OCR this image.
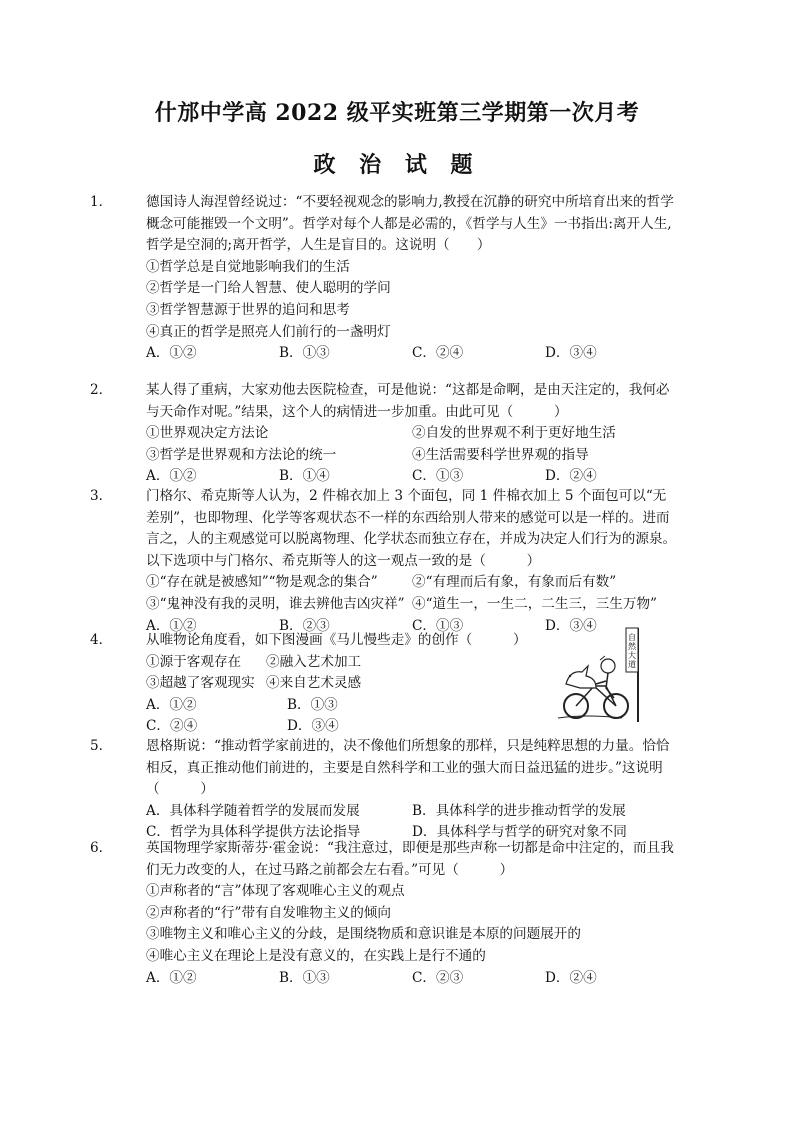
什邡中学高 2022 级平实班第三学期第一次月考
政 治 试 题

1． 德国诗人海涅曾经说过：“不要轻视观念的影响力,教授在沉静的研究中所培育出来的哲学概念可能摧毁一个文明”。哲学对每个人都是必需的，《哲学与人生》一书指出:离开人生,哲学是空洞的;离开哲学，人生是盲目的。这说明（　　）

①哲学总是自觉地影响我们的生活

②哲学是一门给人智慧、使人聪明的学问

③哲学智慧源于世界的追问和思考

④真正的哲学是照亮人们前行的一盏明灯

A．①②	B．①③	C．②④	D．③④

2． 某人得了重病，大家劝他去医院检查，可是他说：“这都是命啊，是由天注定的，我何必与天命作对呢。”结果，这个人的病情进一步加重。由此可见（　　　）

①世界观决定方法论	②自发的世界观不利于更好地生活
③哲学是世界观和方法论的统一	④生活需要科学世界观的指导
A．①②	B．①④	C．①③	D．②④

3． 门格尔、希克斯等人认为，2 件棉衣加上 3 个面包，同 1 件棉衣加上 5 个面包可以“无差别”，也即物理、化学等客观状态不一样的东西给别人带来的感觉可以是一样的。进而言之，人的主观感觉可以脱离物理、化学状态而独立存在，并成为决定人们行为的源泉。以下选项中与门格尔、希克斯等人的这一观点一致的是（　　　）

①“存在就是被感知”“物是观念的集合”	②“有理而后有象，有象而后有数”
③“鬼神没有我的灵明，谁去辨他吉凶灾祥” ④“道生一，一生二，二生三，三生万物”
A．①②	B．②③	C．①③	D．③④

4． 从唯物论角度看，如下图漫画《马儿慢些走》的创作（　　　）

①源于客观存在	②融入艺术加工
③超越了客观现实 ④来自艺术灵感
A．①②	B．①③
C．②④	D．③④
自
然
大
道

5． 恩格斯说：“推动哲学家前进的，决不像他们所想象的那样，只是纯粹思想的力量。恰恰相反，真正推动他们前进的，主要是自然科学和工业的强大而日益迅猛的进步。”这说明（　　　）

A．具体科学随着哲学的发展而发展	B．具体科学的进步推动哲学的发展
C．哲学为具体科学提供方法论指导	D．具体科学与哲学的研究对象不同

6． 英国物理学家斯蒂芬·霍金说：“我注意过，即便是那些声称一切都是命中注定的，而且我们无力改变的人，在过马路之前都会左右看。”可见（　　　）

①声称者的“言”体现了客观唯心主义的观点

②声称者的“行”带有自发唯物主义的倾向

③唯物主义和唯心主义的分歧，是围绕物质和意识谁是本原的问题展开的

④唯心主义在理论上是没有意义的，在实践上是行不通的

A．①②	B．①③	C．②③	D．②④
